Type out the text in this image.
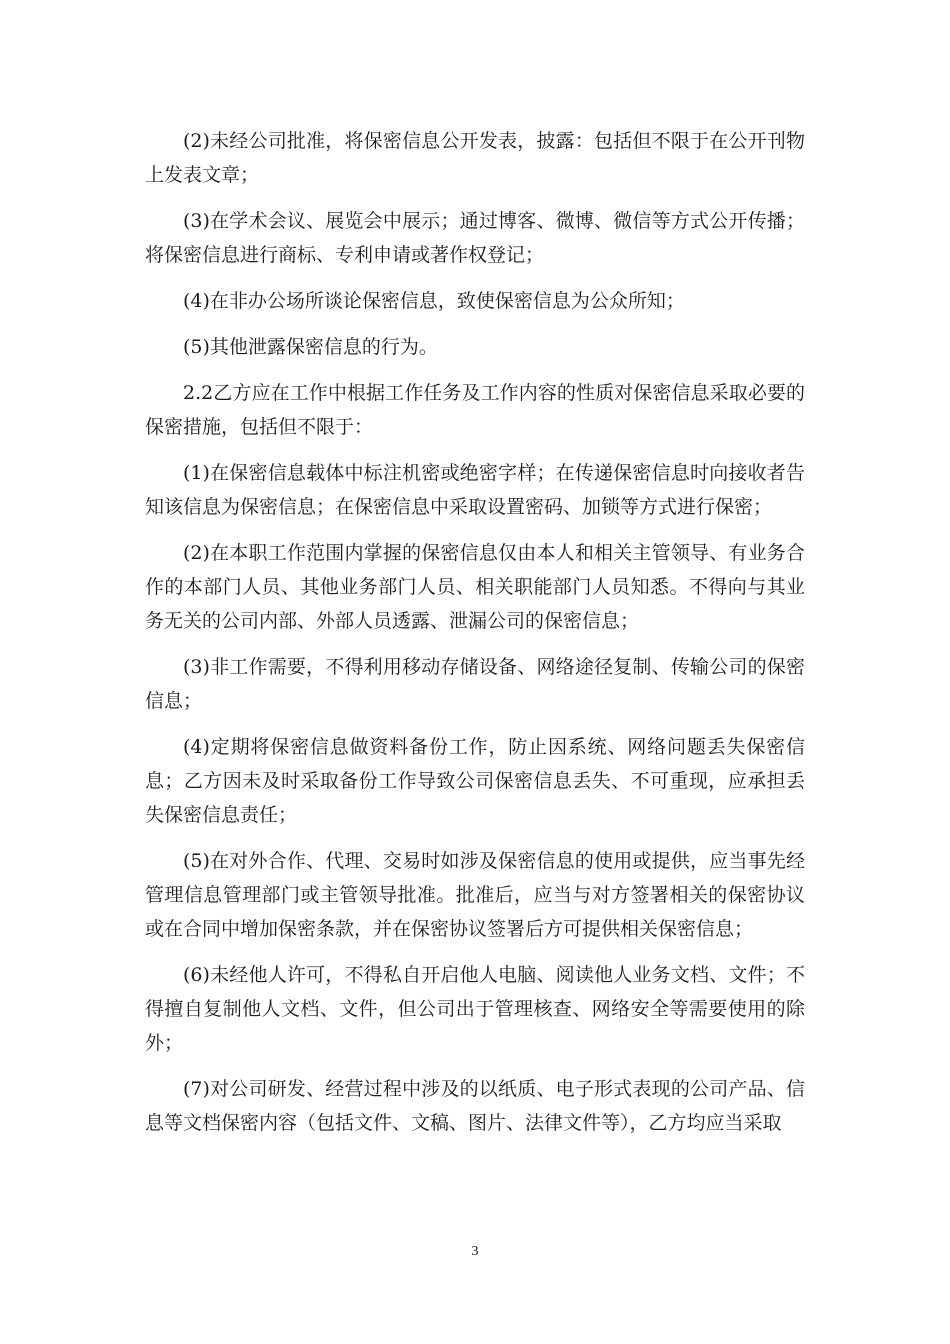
(2)未经公司批准，将保密信息公开发表，披露：包括但不限于在公开刊物上发表文章；

(3)在学术会议、展览会中展示；通过博客、微博、微信等方式公开传播；将保密信息进行商标、专利申请或著作权登记；

(4)在非办公场所谈论保密信息，致使保密信息为公众所知；

(5)其他泄露保密信息的行为。

2.2乙方应在工作中根据工作任务及工作内容的性质对保密信息采取必要的保密措施，包括但不限于：

(1)在保密信息载体中标注机密或绝密字样；在传递保密信息时向接收者告知该信息为保密信息；在保密信息中采取设置密码、加锁等方式进行保密；

(2)在本职工作范围内掌握的保密信息仅由本人和相关主管领导、有业务合作的本部门人员、其他业务部门人员、相关职能部门人员知悉。不得向与其业务无关的公司内部、外部人员透露、泄漏公司的保密信息；

(3)非工作需要，不得利用移动存储设备、网络途径复制、传输公司的保密信息；

(4)定期将保密信息做资料备份工作，防止因系统、网络问题丢失保密信息；乙方因未及时采取备份工作导致公司保密信息丢失、不可重现，应承担丢失保密信息责任；

(5)在对外合作、代理、交易时如涉及保密信息的使用或提供，应当事先经管理信息管理部门或主管领导批准。批准后，应当与对方签署相关的保密协议或在合同中增加保密条款，并在保密协议签署后方可提供相关保密信息；

(6)未经他人许可，不得私自开启他人电脑、阅读他人业务文档、文件；不得擅自复制他人文档、文件，但公司出于管理核查、网络安全等需要使用的除外；

(7)对公司研发、经营过程中涉及的以纸质、电子形式表现的公司产品、信息等文档保密内容（包括文件、文稿、图片、法律文件等），乙方均应当采取

3
